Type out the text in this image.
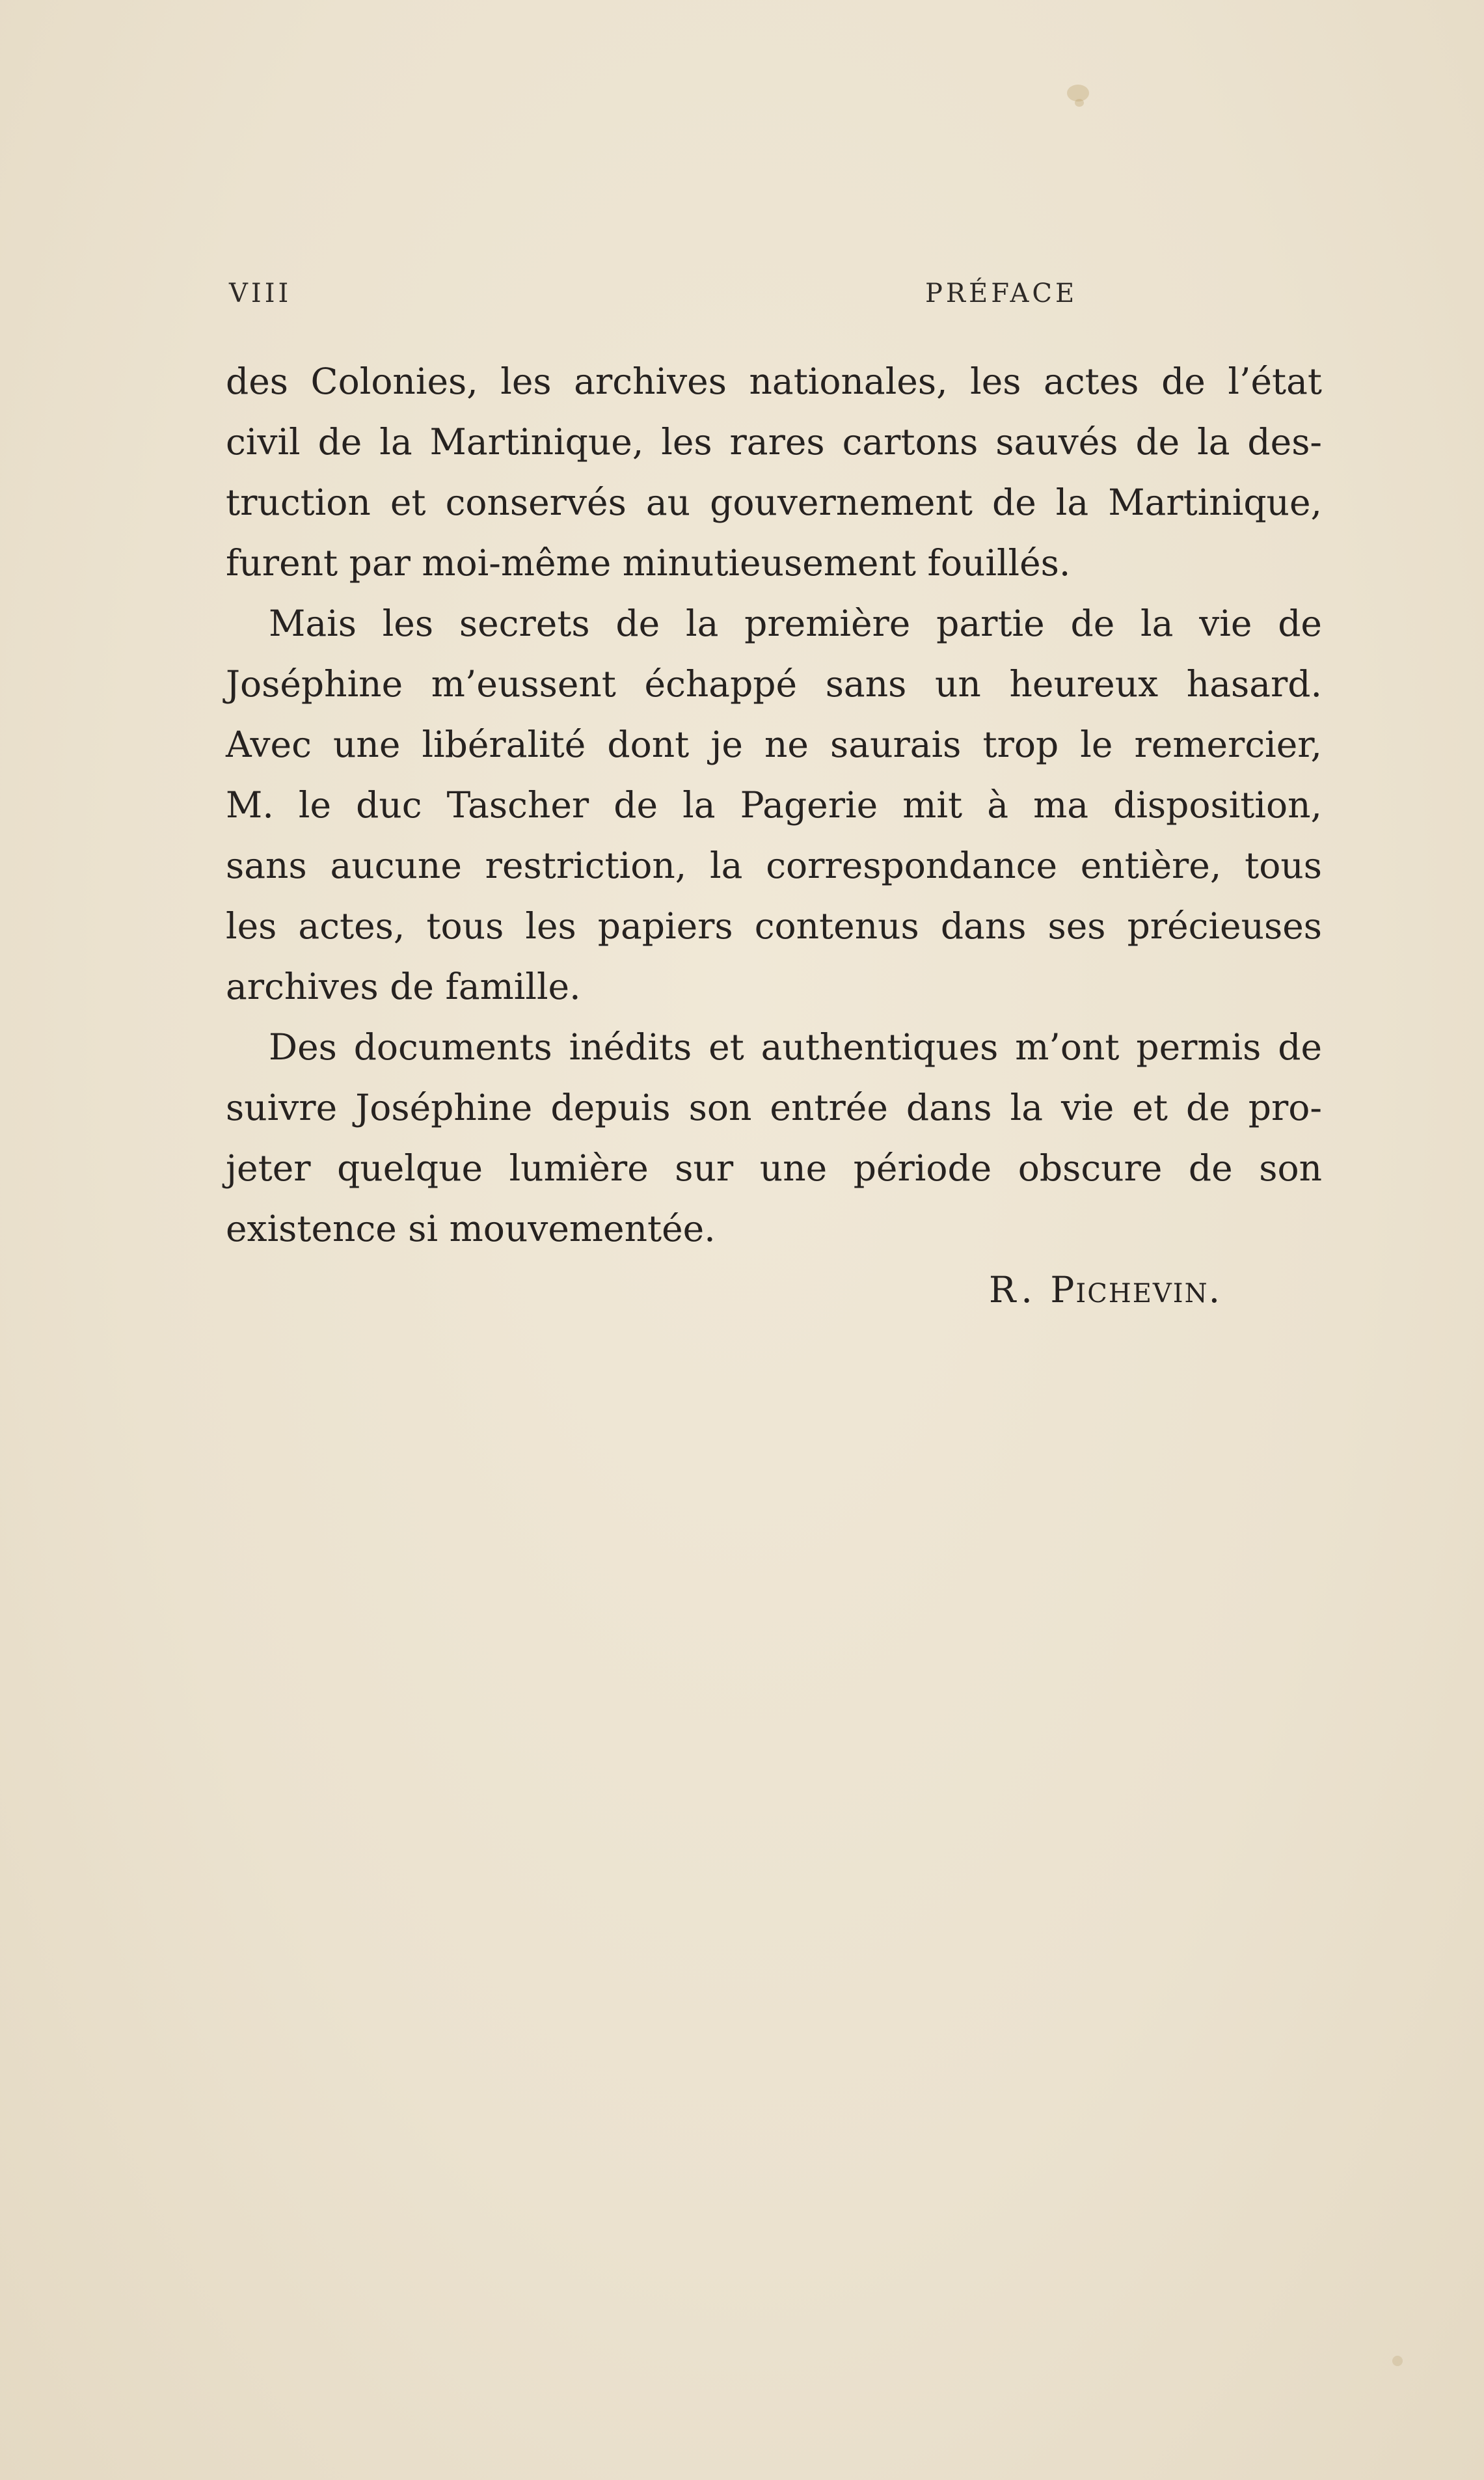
VIII	PRÉFACE
des Colonies, les archives nationales, les actes de l’état
civil de la Martinique, les rares cartons sauvés de la des-
truction et conservés au gouvernement de la Martinique,
furent par moi-même minutieusement fouillés.
Mais les secrets de la première partie de la vie de
Joséphine m’eussent échappé sans un heureux hasard.
Avec une libéralité dont je ne saurais trop le remercier,
M. le duc Tascher de la Pagerie mit à ma disposition,
sans aucune restriction, la correspondance entière, tous
les actes, tous les papiers contenus dans ses précieuses
archives de famille.
Des documents inédits et authentiques m’ont permis de
suivre Joséphine depuis son entrée dans la vie et de pro-
jeter quelque lumière sur une période obscure de son
existence si mouvementée.
R. PICHEVIN.
